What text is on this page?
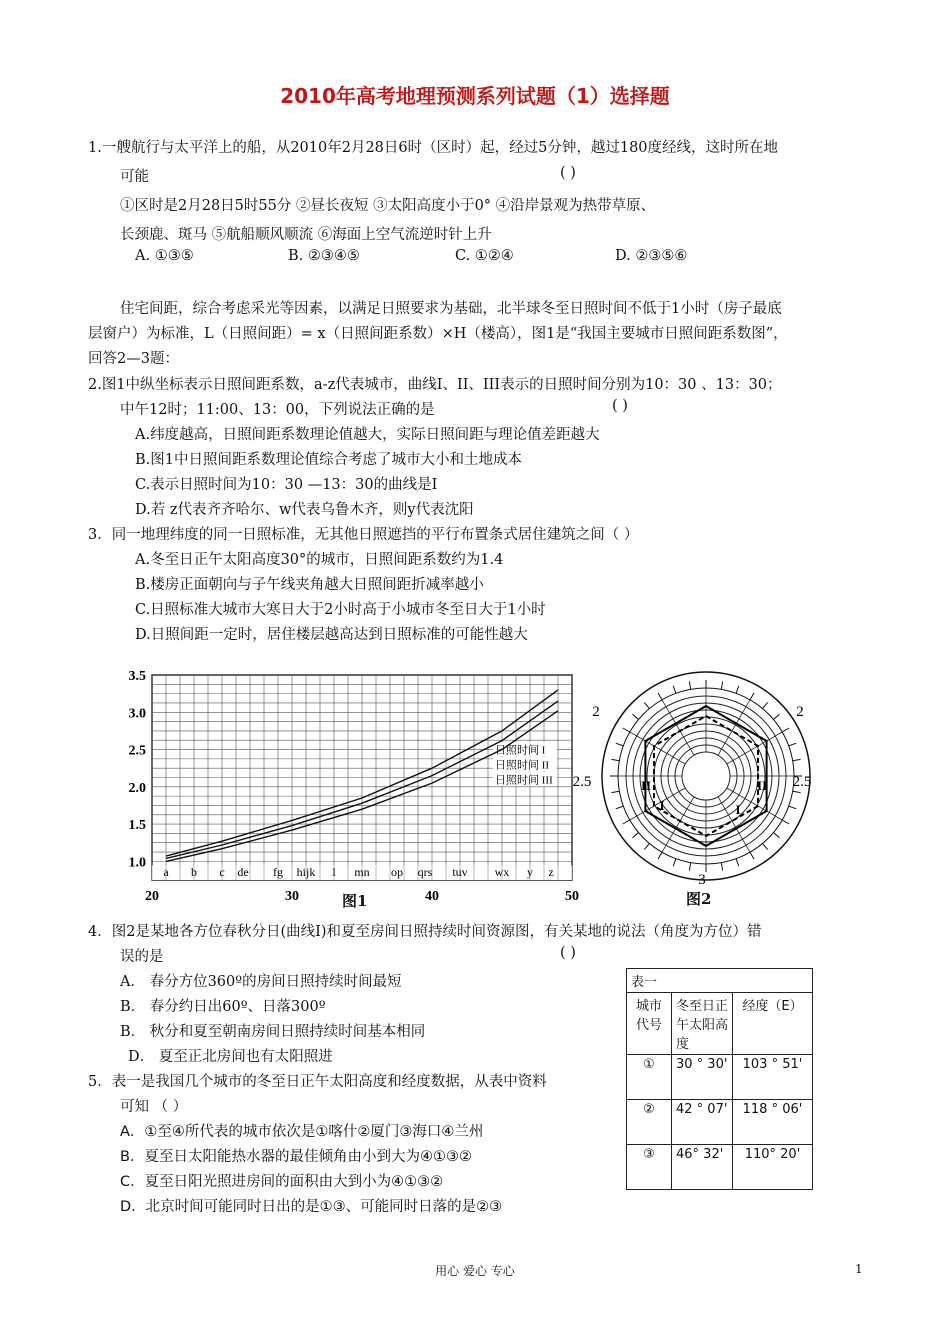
2010年高考地理预测系列试题（1）选择题
1.一艘航行与太平洋上的船，从2010年2月28日6时（区时）起，经过5分钟，越过180度经线，这时所在地
可能	( )
①区时是2月28日5时55分 ②昼长夜短 ③太阳高度小于0° ④沿岸景观为热带草原、
长颈鹿、斑马 ⑤航船顺风顺流 ⑥海面上空气流逆时针上升
A. ①③⑤	B. ②③④⑤	C. ①②④	D. ②③⑤⑥
住宅间距，综合考虑采光等因素，以满足日照要求为基础，北半球冬至日照时间不低于1小时（房子最底
层窗户）为标准，L（日照间距）= x（日照间距系数）×H（楼高），图1是“我国主要城市日照间距系数图”，
回答2—3题：
2.图1中纵坐标表示日照间距系数，a-z代表城市，曲线I、II、III表示的日照时间分别为10：30 、13：30；
中午12时；11:00、13：00，下列说法正确的是	( )
A.纬度越高，日照间距系数理论值越大，实际日照间距与理论值差距越大
B.图1中日照间距系数理论值综合考虑了城市大小和土地成本
C.表示日照时间为10：30 —13：30的曲线是I
D.若 z代表齐齐哈尔、w代表乌鲁木齐，则y代表沈阳
3．同一地理纬度的同一日照标准，无其他日照遮挡的平行布置条式居住建筑之间（ ）
A.冬至日正午太阳高度30°的城市，日照间距系数约为1.4
B.楼房正面朝向与子午线夹角越大日照间距折减率越小
C.日照标准大城市大寒日大于2小时高于小城市冬至日大于1小时
D.日照间距一定时，居住楼层越高达到日照标准的可能性越大
a b c de fg hijk l mn op qrs tuv wx y z
1.0
1.5
2.0
2.5
3.0
3.5
20	30	40	50
日照时间 I
日照时间 II
日照时间 III
图1
2	2
2.5	2.5
3
II	II
I	I
图2
4．图2是某地各方位春秋分日(曲线I)和夏至房间日照持续时间资源图，有关某地的说法（角度为方位）错
误的是	( )
A． 春分方位360º的房间日照持续时间最短
B． 春分约日出60º、日落300º
B． 秋分和夏至朝南房间日照持续时间基本相同
D． 夏至正北房间也有太阳照进
5．表一是我国几个城市的冬至日正午太阳高度和经度数据，从表中资料
可知 （ ）
A．①至④所代表的城市依次是①喀什②厦门③海口④兰州
B．夏至日太阳能热水器的最佳倾角由小到大为④①③②
C．夏至日阳光照进房间的面积由大到小为④①③②
D．北京时间可能同时日出的是①③、可能同时日落的是②③
表一		
城市代号	冬至日正午太阳高度	经度（E）
①	30 ° 30'	103 ° 51'
②	42 ° 07'	118 ° 06'
③	46° 32'	110° 20'
用心 爱心 专心	1
